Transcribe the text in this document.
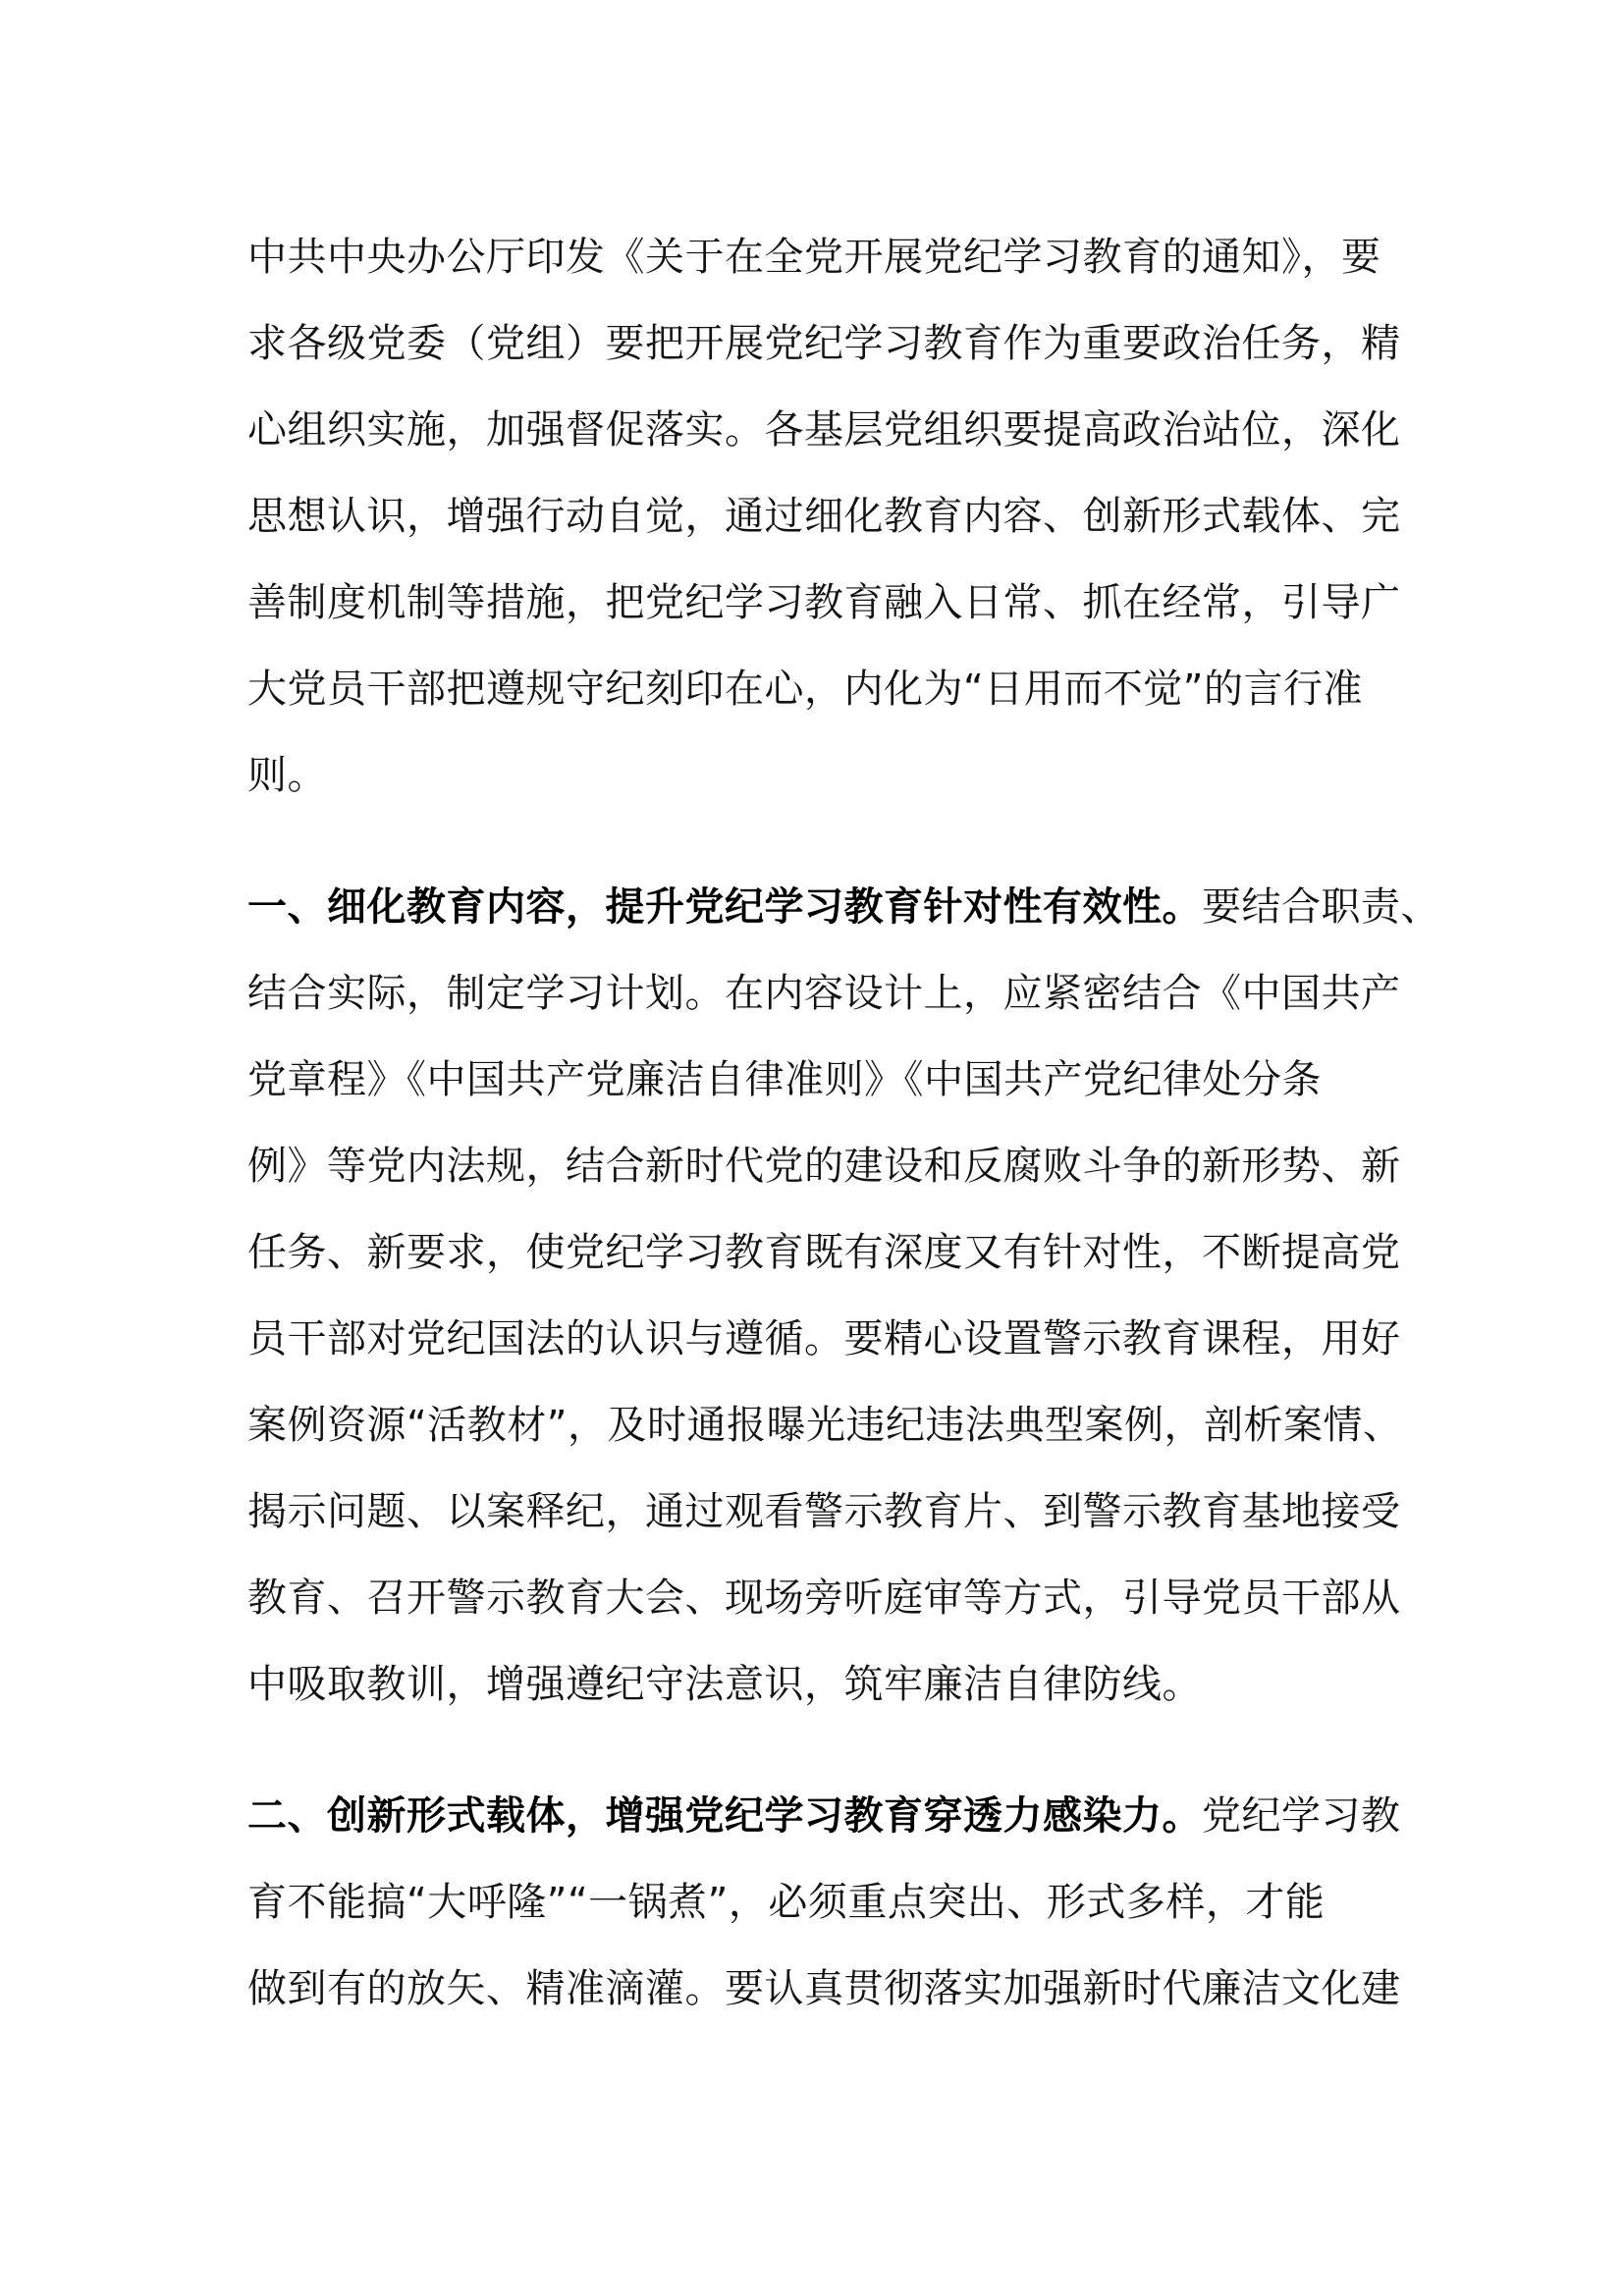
中共中央办公厅印发《关于在全党开展党纪学习教育的通知》，要
求各级党委（党组）要把开展党纪学习教育作为重要政治任务，精
心组织实施，加强督促落实。各基层党组织要提高政治站位，深化
思想认识，增强行动自觉，通过细化教育内容、创新形式载体、完
善制度机制等措施，把党纪学习教育融入日常、抓在经常，引导广
大党员干部把遵规守纪刻印在心，内化为“日用而不觉”的言行准
则。
一、细化教育内容，提升党纪学习教育针对性有效性。要结合职责、
结合实际，制定学习计划。在内容设计上，应紧密结合《中国共产
党章程》《中国共产党廉洁自律准则》《中国共产党纪律处分条
例》等党内法规，结合新时代党的建设和反腐败斗争的新形势、新
任务、新要求，使党纪学习教育既有深度又有针对性，不断提高党
员干部对党纪国法的认识与遵循。要精心设置警示教育课程，用好
案例资源“活教材”，及时通报曝光违纪违法典型案例，剖析案情、
揭示问题、以案释纪，通过观看警示教育片、到警示教育基地接受
教育、召开警示教育大会、现场旁听庭审等方式，引导党员干部从
中吸取教训，增强遵纪守法意识，筑牢廉洁自律防线。
二、创新形式载体，增强党纪学习教育穿透力感染力。党纪学习教
育不能搞“大呼隆”“一锅煮”，必须重点突出、形式多样，才能
做到有的放矢、精准滴灌。要认真贯彻落实加强新时代廉洁文化建
